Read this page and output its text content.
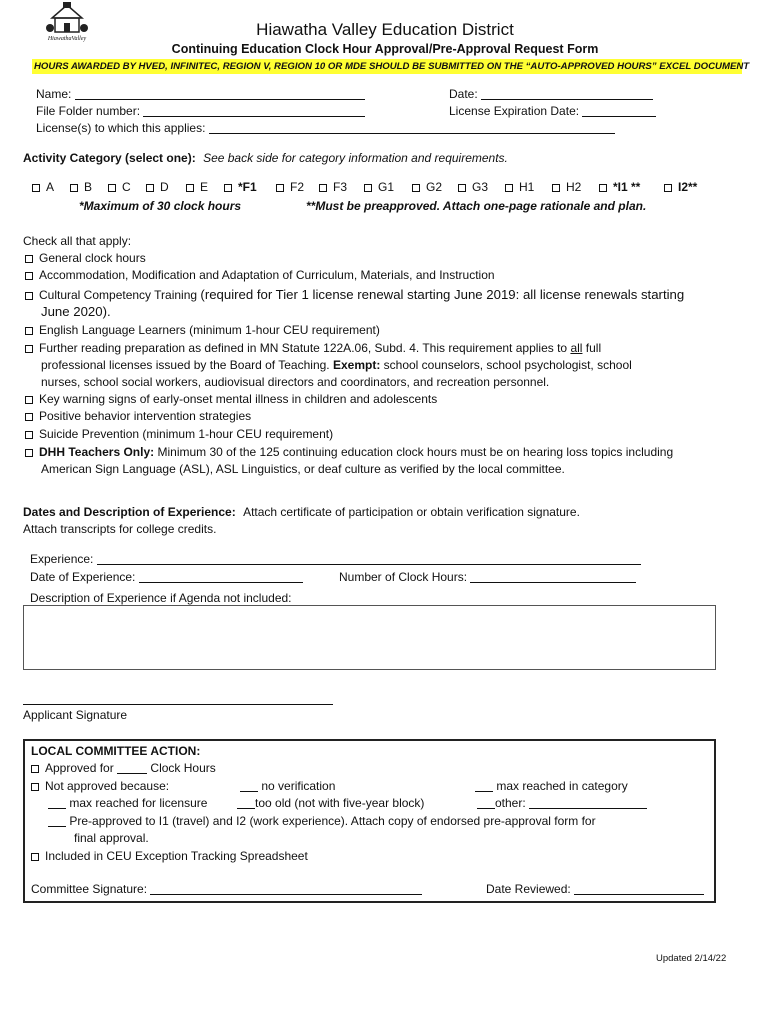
HiawathaValley	Hiawatha Valley Education District
Continuing Education Clock Hour Approval/Pre-Approval Request Form
HOURS AWARDED BY HVED, INFINITEC, REGION V, REGION 10 OR MDE SHOULD BE SUBMITTED ON THE “AUTO-APPROVED HOURS” EXCEL DOCUMENT
Name:	Date:
File Folder number:	License Expiration Date:
License(s) to which this applies:
Activity Category (select one): See back side for category information and requirements.
A	B	C	D	E	*F1	F2	F3	G1	G2	G3	H1	H2	*I1 **	I2**
*Maximum of 30 clock hours	**Must be preapproved. Attach one-page rationale and plan.
Check all that apply:
General clock hours
Accommodation, Modification and Adaptation of Curriculum, Materials, and Instruction
Cultural Competency Training (required for Tier 1 license renewal starting June 2019: all license renewals starting
June 2020).
English Language Learners (minimum 1-hour CEU requirement)
Further reading preparation as defined in MN Statute 122A.06, Subd. 4. This requirement applies to all full
professional licenses issued by the Board of Teaching. Exempt: school counselors, school psychologist, school
nurses, school social workers, audiovisual directors and coordinators, and recreation personnel.
Key warning signs of early-onset mental illness in children and adolescents
Positive behavior intervention strategies
Suicide Prevention (minimum 1-hour CEU requirement)
DHH Teachers Only: Minimum 30 of the 125 continuing education clock hours must be on hearing loss topics including
American Sign Language (ASL), ASL Linguistics, or deaf culture as verified by the local committee.
Dates and Description of Experience: Attach certificate of participation or obtain verification signature.
Attach transcripts for college credits.
Experience:
Date of Experience:	Number of Clock Hours:
Description of Experience if Agenda not included:
Applicant Signature
LOCAL COMMITTEE ACTION:
Approved for	Clock Hours
Not approved because:	no verification	max reached in category
max reached for licensure	too old (not with five-year block)	other:
Pre-approved to I1 (travel) and I2 (work experience). Attach copy of endorsed pre-approval form for
final approval.
Included in CEU Exception Tracking Spreadsheet
Committee Signature:	Date Reviewed:
Updated 2/14/22
